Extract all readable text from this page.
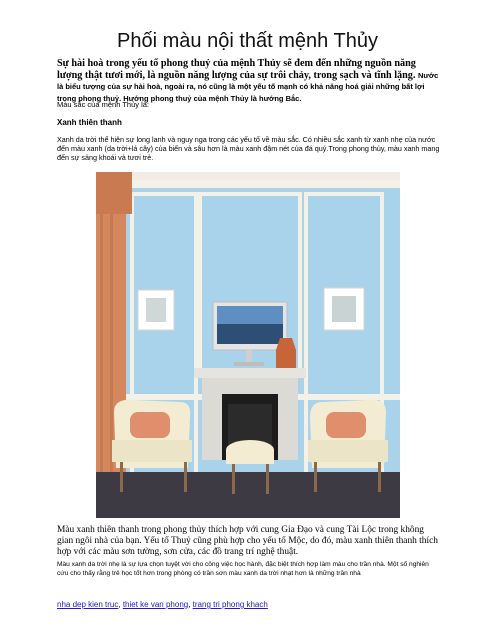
Phối màu nội thất mệnh Thủy

Sự hài hoà trong yếu tố phong thuỷ của mệnh Thủy sẽ đem đến những nguồn năng lượng thật tươi mới, là nguồn năng lượng của sự trôi chảy, trong sạch và tĩnh lặng. Nước là biểu tượng của sự hài hoà, ngoài ra, nó cũng là một yếu tố mạnh có khả năng hoá giải những bất lợi trong phong thuỷ. Hướng phong thuỷ của mệnh Thủy là hướng Bắc.

Màu sắc của mệnh Thủy là:

Xanh thiên thanh

Xanh da trời thể hiện sự long lanh và nguy nga trong các yếu tố về màu sắc. Có nhiều sắc xanh từ xanh nhẹ của nước đến màu xanh (da trời+lá cây) của biển và sâu hơn là màu xanh đậm nét của đá quý.Trong phong thủy, màu xanh mang đến sự sảng khoái và tươi trẻ.

Màu xanh thiên thanh trong phong thủy thích hợp với cung Gia Đạo và cung Tài Lộc trong không gian ngôi nhà của bạn. Yếu tố Thuỷ cũng phù hợp cho yếu tố Mộc, do đó, màu xanh thiên thanh thích hợp với các màu sơn tường, sơn cửa, các đồ trang trí nghệ thuật.

Màu xanh da trời nhẹ là sự lựa chọn tuyệt vời cho công việc học hành, đặc biệt thích hợp làm màu cho trần nhà. Một số nghiên cứu cho thấy rằng trẻ học tốt hơn trong phòng có trần sơn màu xanh da trời nhạt hơn là những trần nhà

nha dep kien truc, thiet ke van phong, trang tri phong khach
